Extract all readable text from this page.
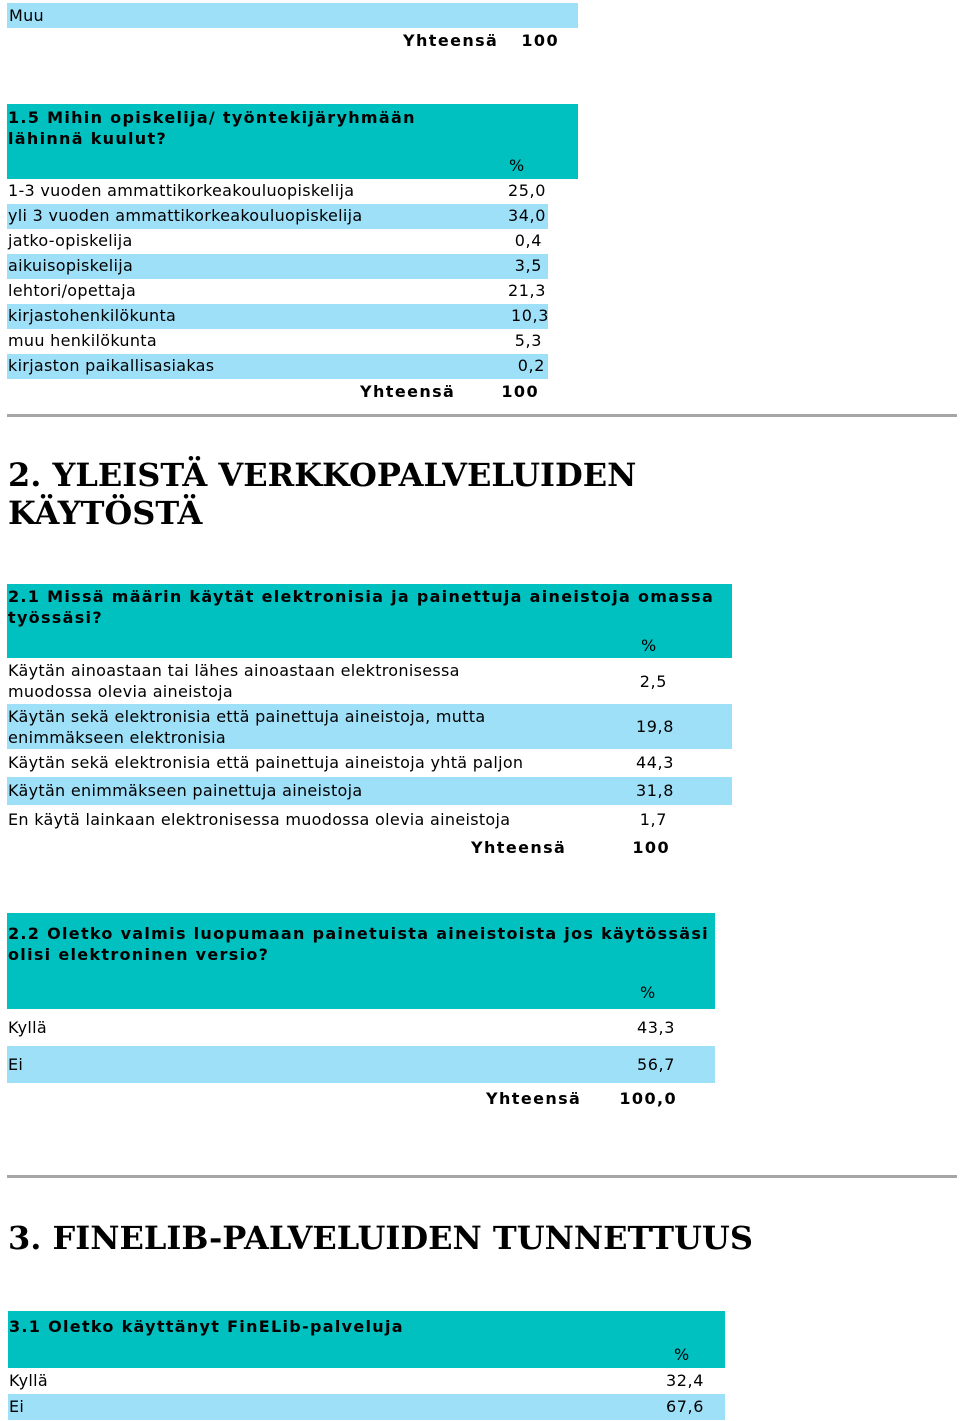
Muu
Yhteensä 100
1.5 Mihin opiskelija/ työntekijäryhmään lähinnä kuulut?
%
1-3 vuoden ammattikorkeakouluopiskelija	25,0
yli 3 vuoden ammattikorkeakouluopiskelija	34,0
jatko-opiskelija	0,4
aikuisopiskelija	3,5
lehtori/opettaja	21,3
kirjastohenkilökunta	10,3
muu henkilökunta	5,3
kirjaston paikallisasiakas	0,2
Yhteensä	100
2. YLEISTÄ VERKKOPALVELUIDEN
KÄYTÖSTÄ
2.1 Missä määrin käytät elektronisia ja painettuja aineistoja omassa
työssäsi?
%
Käytän ainoastaan tai lähes ainoastaan elektronisessa
muodossa olevia aineistoja
2,5
Käytän sekä elektronisia että painettuja aineistoja, mutta
enimmäkseen elektronisia
19,8
Käytän sekä elektronisia että painettuja aineistoja yhtä paljon	44,3
Käytän enimmäkseen painettuja aineistoja	31,8
En käytä lainkaan elektronisessa muodossa olevia aineistoja	1,7
Yhteensä	100
2.2 Oletko valmis luopumaan painetuista aineistoista jos käytössäsi
olisi elektroninen versio?
%
Kyllä	43,3
Ei	56,7
Yhteensä 100,0
3. FINELIB-PALVELUIDEN TUNNETTUUS
3.1 Oletko käyttänyt FinELib-palveluja
%
Kyllä	32,4
Ei	67,6
